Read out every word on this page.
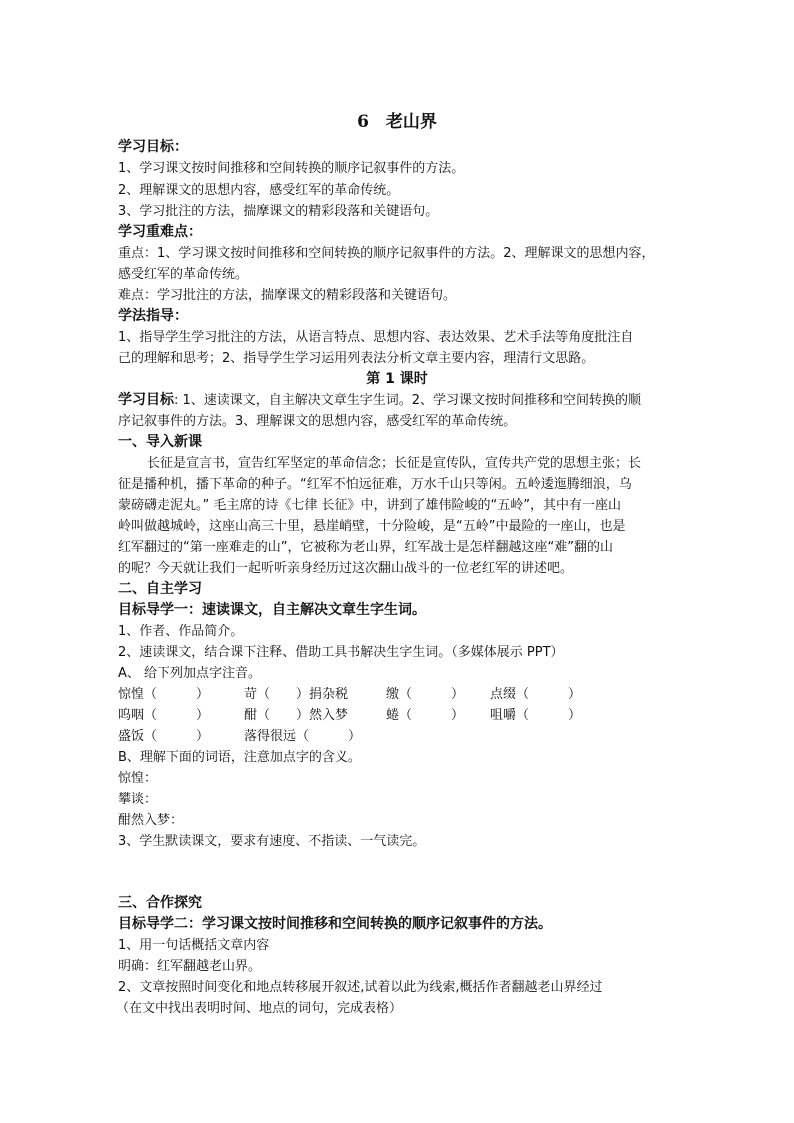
6　老山界
学习目标：
1、学习课文按时间推移和空间转换的顺序记叙事件的方法。
2、理解课文的思想内容，感受红军的革命传统。
3、学习批注的方法，揣摩课文的精彩段落和关键语句。
学习重难点：
重点：1、学习课文按时间推移和空间转换的顺序记叙事件的方法。2、理解课文的思想内容，
感受红军的革命传统。
难点：学习批注的方法，揣摩课文的精彩段落和关键语句。
学法指导：
1、指导学生学习批注的方法，从语言特点、思想内容、表达效果、艺术手法等角度批注自
己的理解和思考；2、指导学生学习运用列表法分析文章主要内容，理清行文思路。
第 1 课时
学习目标: 1、速读课文，自主解决文章生字生词。2、学习课文按时间推移和空间转换的顺
序记叙事件的方法。3、理解课文的思想内容，感受红军的革命传统。
一、导入新课
长征是宣言书，宣告红军坚定的革命信念；长征是宣传队，宣传共产党的思想主张；长
征是播种机，播下革命的种子。“红军不怕远征难，万水千山只等闲。五岭逶迤腾细浪，乌
蒙磅礴走泥丸。” 毛主席的诗《七律 长征》中，讲到了雄伟险峻的“五岭”，其中有一座山
岭叫做越城岭，这座山高三十里，悬崖峭壁，十分险峻，是“五岭”中最险的一座山，也是
红军翻过的“第一座难走的山”，它被称为老山界，红军战士是怎样翻越这座“难”翻的山
的呢？今天就让我们一起听听亲身经历过这次翻山战斗的一位老红军的讲述吧。
二、自主学习
目标导学一：速读课文，自主解决文章生字生词。
1、作者、作品简介。
2、速读课文，结合课下注释、借助工具书解决生字生词。（多媒体展示 PPT）
A、 给下列加点字注音。
惊惶（　　　）	苛（　　）捐杂税	缴（　　　） 点缀（　　　）
呜咽（　　　）	酣（　　）然入梦	蜷（　　　） 咀嚼（　　　）
盛饭（　　　）	落得很远（　　　）
B、理解下面的词语，注意加点字的含义。
惊惶：
攀谈：
酣然入梦：
3、学生默读课文，要求有速度、不指读、一气读完。
三、合作探究
目标导学二：学习课文按时间推移和空间转换的顺序记叙事件的方法。
1、用一句话概括文章内容
明确：红军翻越老山界。
2、文章按照时间变化和地点转移展开叙述,试着以此为线索,概括作者翻越老山界经过
（在文中找出表明时间、地点的词句，完成表格）
